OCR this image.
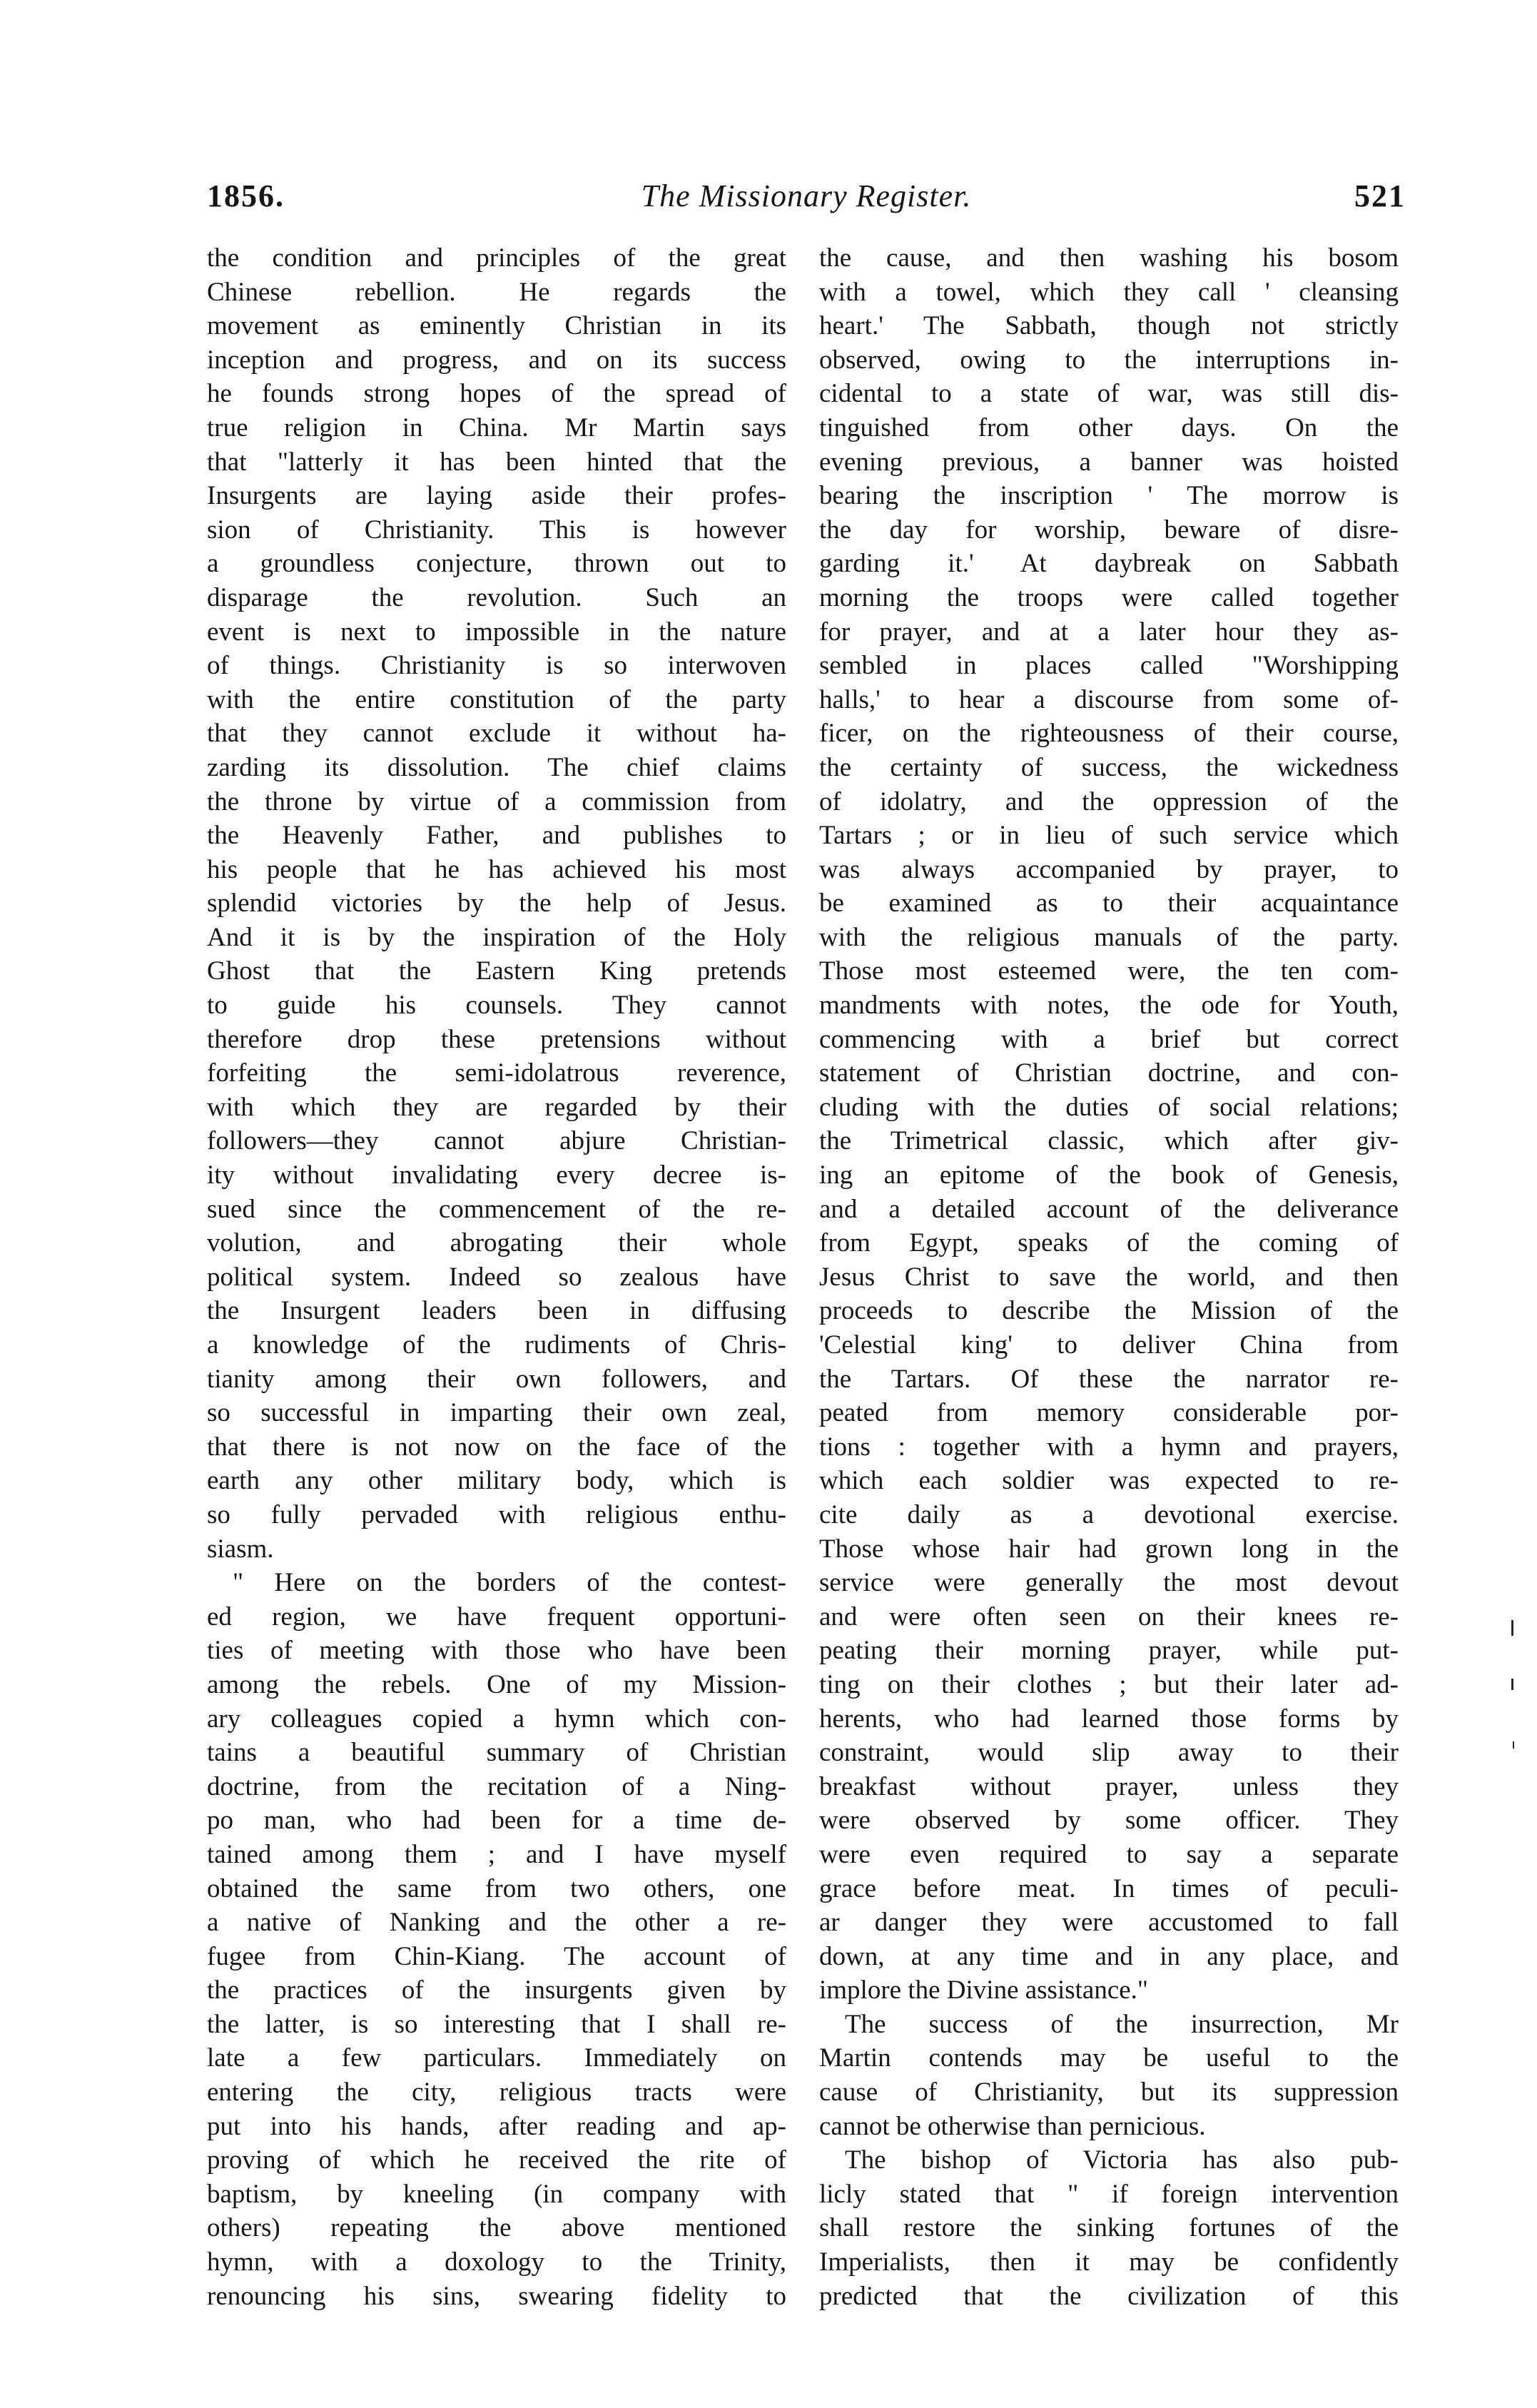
1856.	The Missionary Register.	521
the condition and principles of the great
Chinese rebellion. He regards the
movement as eminently Christian in its
inception and progress, and on its success
he founds strong hopes of the spread of
true religion in China. Mr Martin says
that "latterly it has been hinted that the
Insurgents are laying aside their profes-
sion of Christianity. This is however
a groundless conjecture, thrown out to
disparage the revolution. Such an
event is next to impossible in the nature
of things. Christianity is so interwoven
with the entire constitution of the party
that they cannot exclude it without ha-
zarding its dissolution. The chief claims
the throne by virtue of a commission from
the Heavenly Father, and publishes to
his people that he has achieved his most
splendid victories by the help of Jesus.
And it is by the inspiration of the Holy
Ghost that the Eastern King pretends
to guide his counsels. They cannot
therefore drop these pretensions without
forfeiting the semi-idolatrous reverence,
with which they are regarded by their
followers—they cannot abjure Christian-
ity without invalidating every decree is-
sued since the commencement of the re-
volution, and abrogating their whole
political system. Indeed so zealous have
the Insurgent leaders been in diffusing
a knowledge of the rudiments of Chris-
tianity among their own followers, and
so successful in imparting their own zeal,
that there is not now on the face of the
earth any other military body, which is
so fully pervaded with religious enthu-
siasm.
" Here on the borders of the contest-
ed region, we have frequent opportuni-
ties of meeting with those who have been
among the rebels. One of my Mission-
ary colleagues copied a hymn which con-
tains a beautiful summary of Christian
doctrine, from the recitation of a Ning-
po man, who had been for a time de-
tained among them ; and I have myself
obtained the same from two others, one
a native of Nanking and the other a re-
fugee from Chin-Kiang. The account of
the practices of the insurgents given by
the latter, is so interesting that I shall re-
late a few particulars. Immediately on
entering the city, religious tracts were
put into his hands, after reading and ap-
proving of which he received the rite of
baptism, by kneeling (in company with
others) repeating the above mentioned
hymn, with a doxology to the Trinity,
renouncing his sins, swearing fidelity to
the cause, and then washing his bosom
with a towel, which they call ' cleansing
heart.' The Sabbath, though not strictly
observed, owing to the interruptions in-
cidental to a state of war, was still dis-
tinguished from other days. On the
evening previous, a banner was hoisted
bearing the inscription ' The morrow is
the day for worship, beware of disre-
garding it.' At daybreak on Sabbath
morning the troops were called together
for prayer, and at a later hour they as-
sembled in places called "Worshipping
halls,' to hear a discourse from some of-
ficer, on the righteousness of their course,
the certainty of success, the wickedness
of idolatry, and the oppression of the
Tartars ; or in lieu of such service which
was always accompanied by prayer, to
be examined as to their acquaintance
with the religious manuals of the party.
Those most esteemed were, the ten com-
mandments with notes, the ode for Youth,
commencing with a brief but correct
statement of Christian doctrine, and con-
cluding with the duties of social relations;
the Trimetrical classic, which after giv-
ing an epitome of the book of Genesis,
and a detailed account of the deliverance
from Egypt, speaks of the coming of
Jesus Christ to save the world, and then
proceeds to describe the Mission of the
'Celestial king' to deliver China from
the Tartars. Of these the narrator re-
peated from memory considerable por-
tions : together with a hymn and prayers,
which each soldier was expected to re-
cite daily as a devotional exercise.
Those whose hair had grown long in the
service were generally the most devout
and were often seen on their knees re-
peating their morning prayer, while put-
ting on their clothes ; but their later ad-
herents, who had learned those forms by
constraint, would slip away to their
breakfast without prayer, unless they
were observed by some officer. They
were even required to say a separate
grace before meat. In times of peculi-
ar danger they were accustomed to fall
down, at any time and in any place, and
implore the Divine assistance."
The success of the insurrection, Mr
Martin contends may be useful to the
cause of Christianity, but its suppression
cannot be otherwise than pernicious.
The bishop of Victoria has also pub-
licly stated that " if foreign intervention
shall restore the sinking fortunes of the
Imperialists, then it may be confidently
predicted that the civilization of this
